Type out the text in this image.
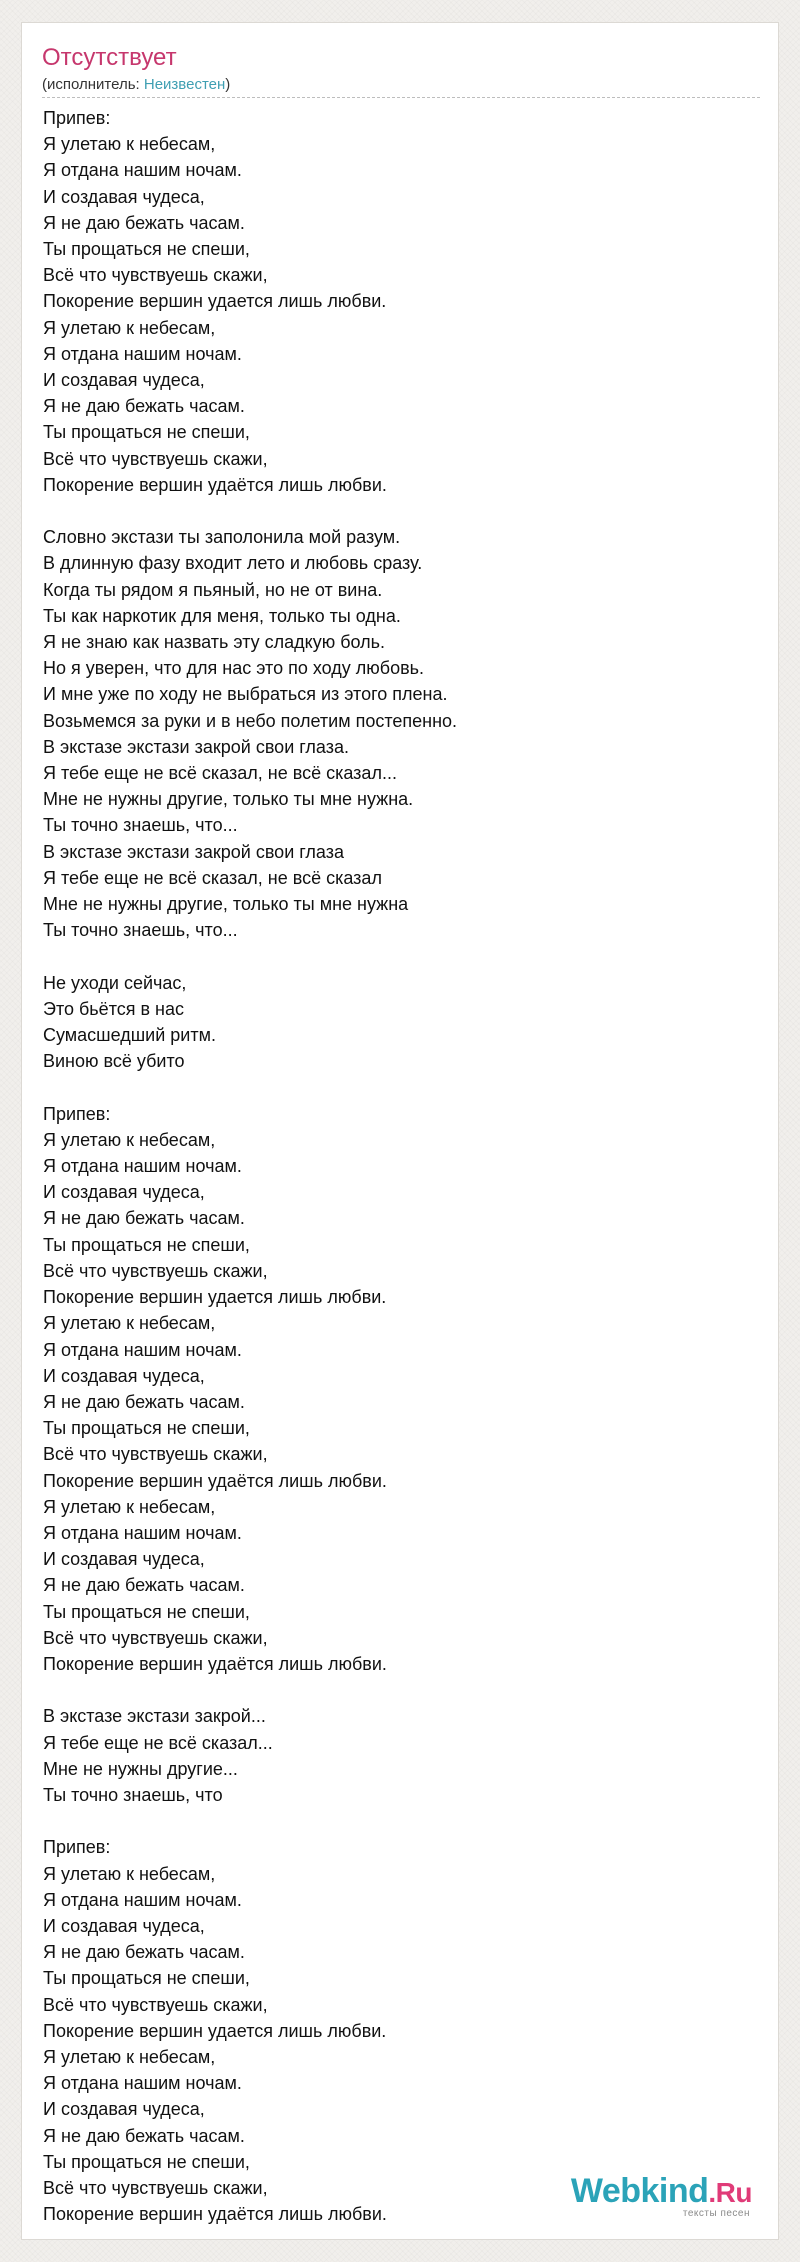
Отсутствует
(исполнитель: Неизвестен)
Припев:
Я улетаю к небесам,
Я отдана нашим ночам.
И создавая чудеса,
Я не даю бежать часам.
Ты прощаться не спеши,
Всё что чувствуешь скажи,
Покорение вершин удается лишь любви.
Я улетаю к небесам,
Я отдана нашим ночам.
И создавая чудеса,
Я не даю бежать часам.
Ты прощаться не спеши,
Всё что чувствуешь скажи,
Покорение вершин удаётся лишь любви.
Словно экстази ты заполонила мой разум.
В длинную фазу входит лето и любовь сразу.
Когда ты рядом я пьяный, но не от вина.
Ты как наркотик для меня, только ты одна.
Я не знаю как назвать эту сладкую боль.
Но я уверен, что для нас это по ходу любовь.
И мне уже по ходу не выбраться из этого плена.
Возьмемся за руки и в небо полетим постепенно.
В экстазе экстази закрой свои глаза.
Я тебе еще не всё сказал, не всё сказал...
Мне не нужны другие, только ты мне нужна.
Ты точно знаешь, что...
В экстазе экстази закрой свои глаза
Я тебе еще не всё сказал, не всё сказал
Мне не нужны другие, только ты мне нужна
Ты точно знаешь, что...
Не уходи сейчас,
Это бьётся в нас
Сумасшедший ритм.
Виною всё убито
Припев:
Я улетаю к небесам,
Я отдана нашим ночам.
И создавая чудеса,
Я не даю бежать часам.
Ты прощаться не спеши,
Всё что чувствуешь скажи,
Покорение вершин удается лишь любви.
Я улетаю к небесам,
Я отдана нашим ночам.
И создавая чудеса,
Я не даю бежать часам.
Ты прощаться не спеши,
Всё что чувствуешь скажи,
Покорение вершин удаётся лишь любви.
Я улетаю к небесам,
Я отдана нашим ночам.
И создавая чудеса,
Я не даю бежать часам.
Ты прощаться не спеши,
Всё что чувствуешь скажи,
Покорение вершин удаётся лишь любви.
В экстазе экстази закрой...
Я тебе еще не всё сказал...
Мне не нужны другие...
Ты точно знаешь, что
Припев:
Я улетаю к небесам,
Я отдана нашим ночам.
И создавая чудеса,
Я не даю бежать часам.
Ты прощаться не спеши,
Всё что чувствуешь скажи,
Покорение вершин удается лишь любви.
Я улетаю к небесам,
Я отдана нашим ночам.
И создавая чудеса,
Я не даю бежать часам.
Ты прощаться не спеши,
Всё что чувствуешь скажи,
Покорение вершин удаётся лишь любви.
Webkind.Ru
тексты песен
